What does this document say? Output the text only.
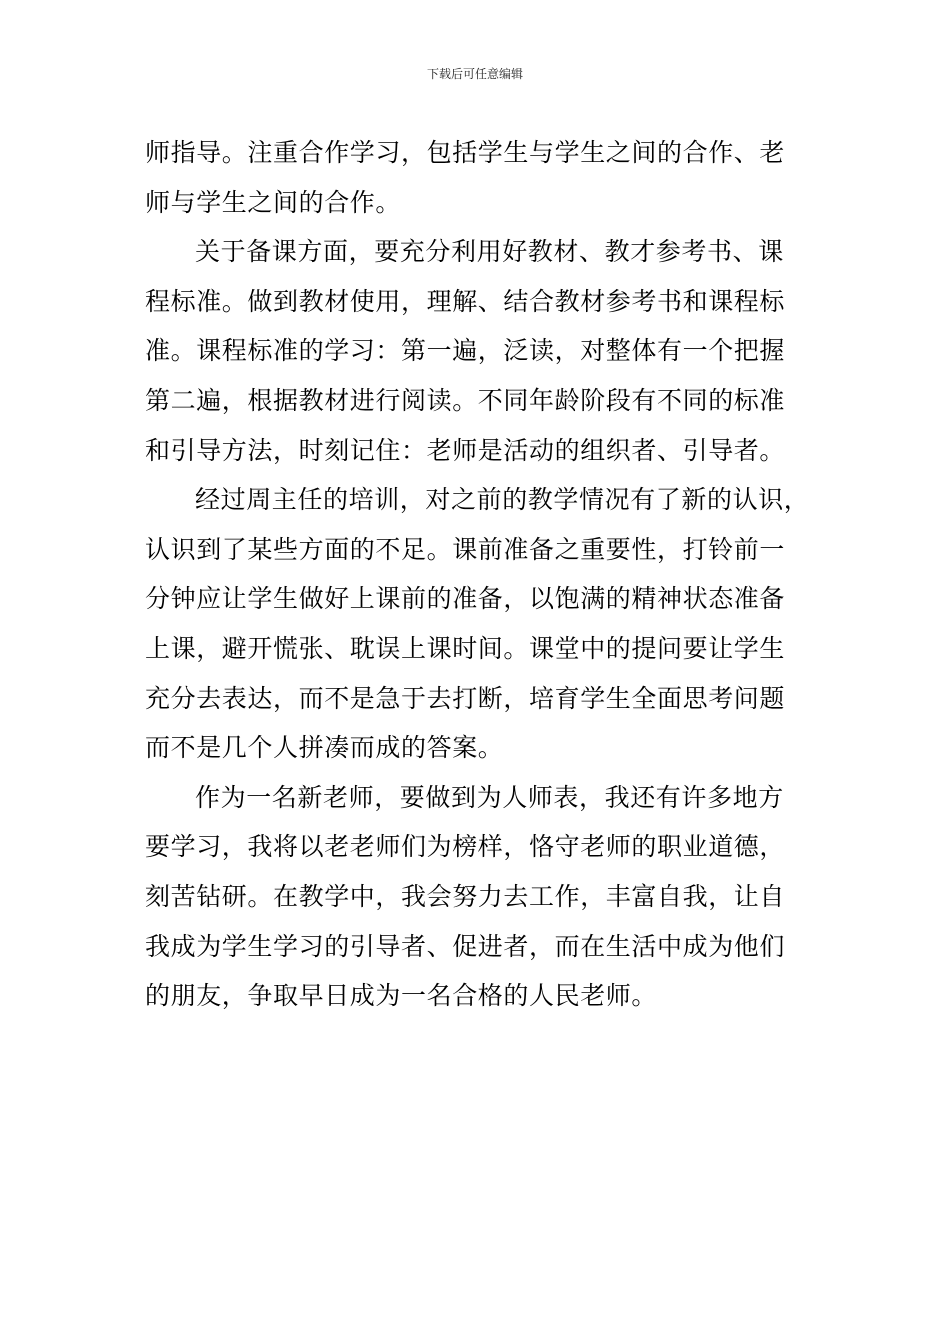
下载后可任意编辑
师指导。注重合作学习，包括学生与学生之间的合作、老
师与学生之间的合作。
关于备课方面，要充分利用好教材、教才参考书、课
程标准。做到教材使用，理解、结合教材参考书和课程标
准。课程标准的学习：第一遍，泛读，对整体有一个把握
第二遍，根据教材进行阅读。不同年龄阶段有不同的标准
和引导方法，时刻记住：老师是活动的组织者、引导者。
经过周主任的培训，对之前的教学情况有了新的认识，
认识到了某些方面的不足。课前准备之重要性，打铃前一
分钟应让学生做好上课前的准备，以饱满的精神状态准备
上课，避开慌张、耽误上课时间。课堂中的提问要让学生
充分去表达，而不是急于去打断，培育学生全面思考问题
而不是几个人拼凑而成的答案。
作为一名新老师，要做到为人师表，我还有许多地方
要学习，我将以老老师们为榜样，恪守老师的职业道德，
刻苦钻研。在教学中，我会努力去工作，丰富自我，让自
我成为学生学习的引导者、促进者，而在生活中成为他们
的朋友，争取早日成为一名合格的人民老师。
